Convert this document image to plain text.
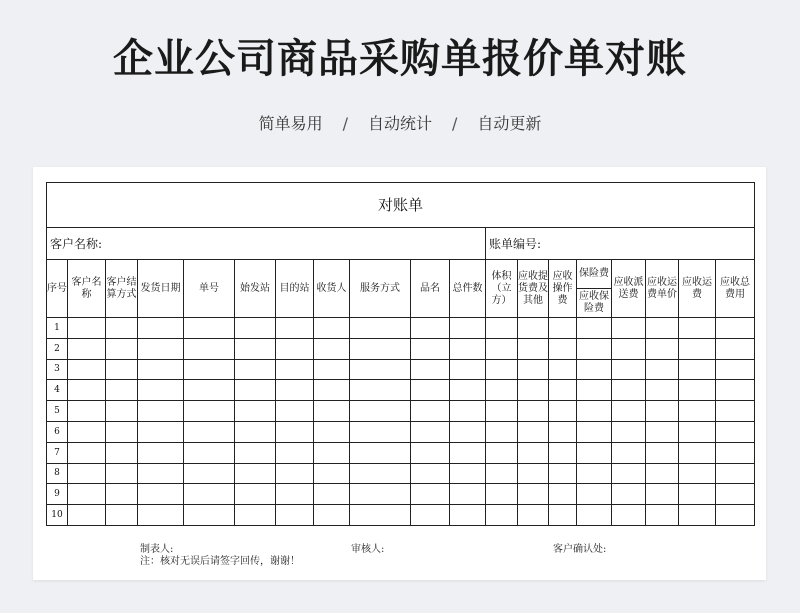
企业公司商品采购单报价单对账
简单易用 / 自动统计 / 自动更新
对账单																		
客户名称:											账单编号:							
序号	客户名称	客户结算方式	发货日期	单号	始发站	目的站	收货人	服务方式	品名	总件数	体积（立方）	应收提货费及其他	应收操作费	保险费	应收派送费	应收运费单价	应收运费	应收总费用
														应收保险费				
1																		
2																		
3																		
4																		
5																		
6																		
7																		
8																		
9																		
10																		
制表人:	审核人:	客户确认处:
注：核对无误后请签字回传，谢谢！
